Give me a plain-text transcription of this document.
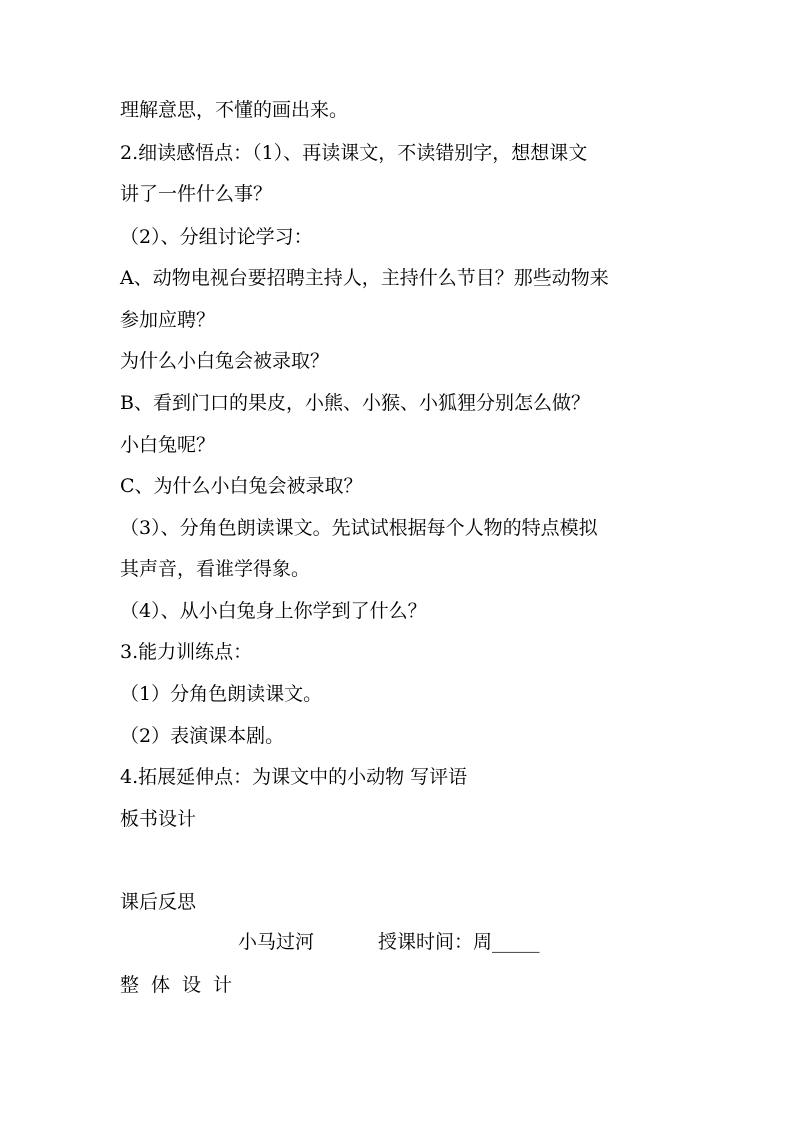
理解意思，不懂的画出来。
2.细读感悟点：（1）、再读课文，不读错别字，想想课文
讲了一件什么事？
（2）、分组讨论学习：
A、动物电视台要招聘主持人，主持什么节目？那些动物来
参加应聘？
为什么小白兔会被录取？
B、看到门口的果皮，小熊、小猴、小狐狸分别怎么做？
小白兔呢？
C、为什么小白兔会被录取？
（3）、分角色朗读课文。先试试根据每个人物的特点模拟
其声音，看谁学得象。
（4）、从小白兔身上你学到了什么？
3.能力训练点：
（1）分角色朗读课文。
（2）表演课本剧。
4.拓展延伸点：为课文中的小动物 写评语
板书设计
课后反思
小马过河	授课时间：周_____
整体设计
